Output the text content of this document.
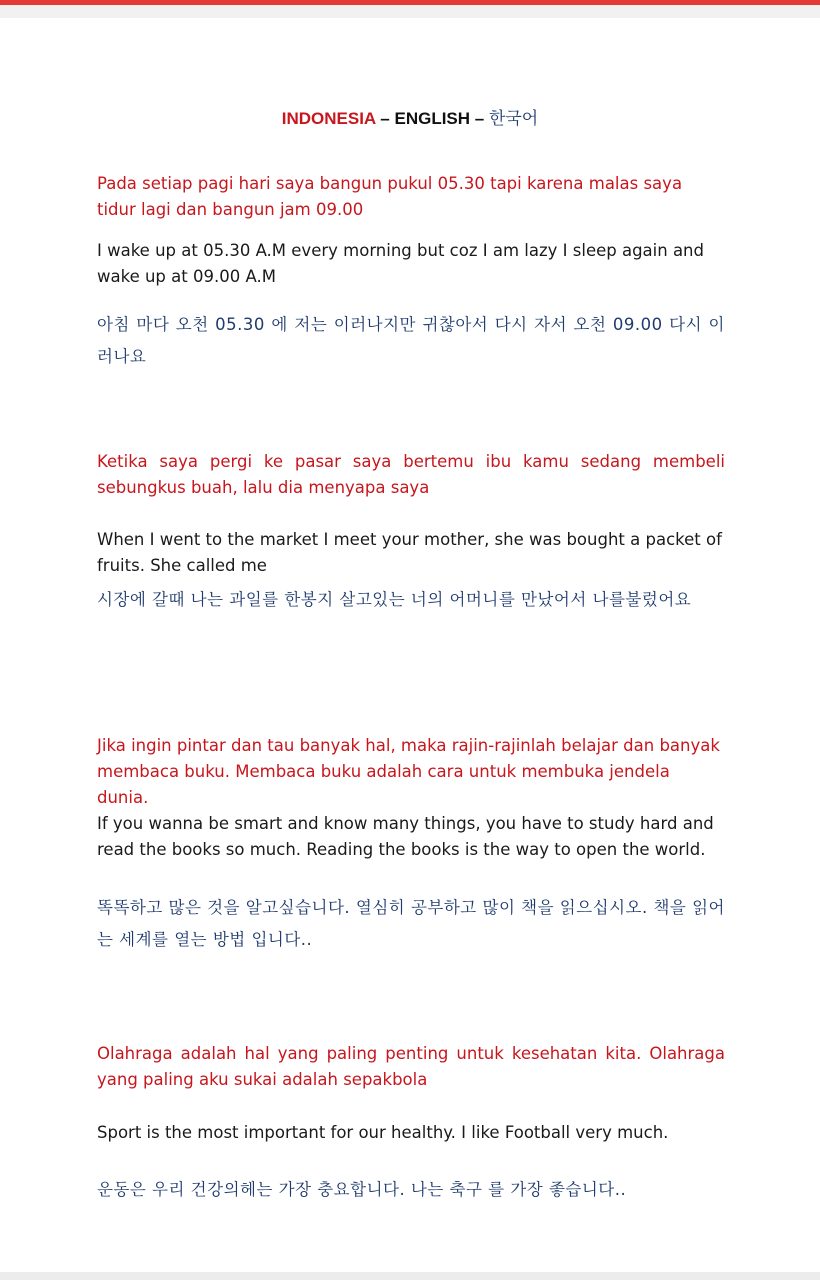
INDONESIA – ENGLISH – 한국어

Pada setiap pagi hari saya bangun pukul 05.30 tapi karena malas saya tidur lagi dan bangun jam 09.00

I wake up at 05.30 A.M every morning but coz I am lazy I sleep again and wake up at 09.00 A.M

아침 마다 오천 05.30 에 저는 이러나지만 귀찮아서 다시 자서 오천 09.00 다시 이러나요

Ketika saya pergi ke pasar saya bertemu ibu kamu sedang membeli sebungkus buah, lalu dia menyapa saya

When I went to the market I meet your mother, she was bought a packet of fruits. She called me

시장에 갈때 나는 과일를 한봉지 살고있는 너의 어머니를 만났어서 나를불렀어요

Jika ingin pintar dan tau banyak hal, maka rajin-rajinlah belajar dan banyak membaca buku. Membaca buku adalah cara untuk membuka jendela dunia.

If you wanna be smart and know many things, you have to study hard and read the books so much. Reading the books is the way to open the world.

똑똑하고 많은 것을 알고싶습니다. 열심히 공부하고 많이 책을 읽으십시오. 책을 읽어는 세계를 열는 방법 입니다..

Olahraga adalah hal yang paling penting untuk kesehatan kita. Olahraga yang paling aku sukai adalah sepakbola

Sport is the most important for our healthy. I like Football very much.

운동은 우리 건강의헤는 가장 충요합니다. 나는 축구 를 가장 좋습니다..
